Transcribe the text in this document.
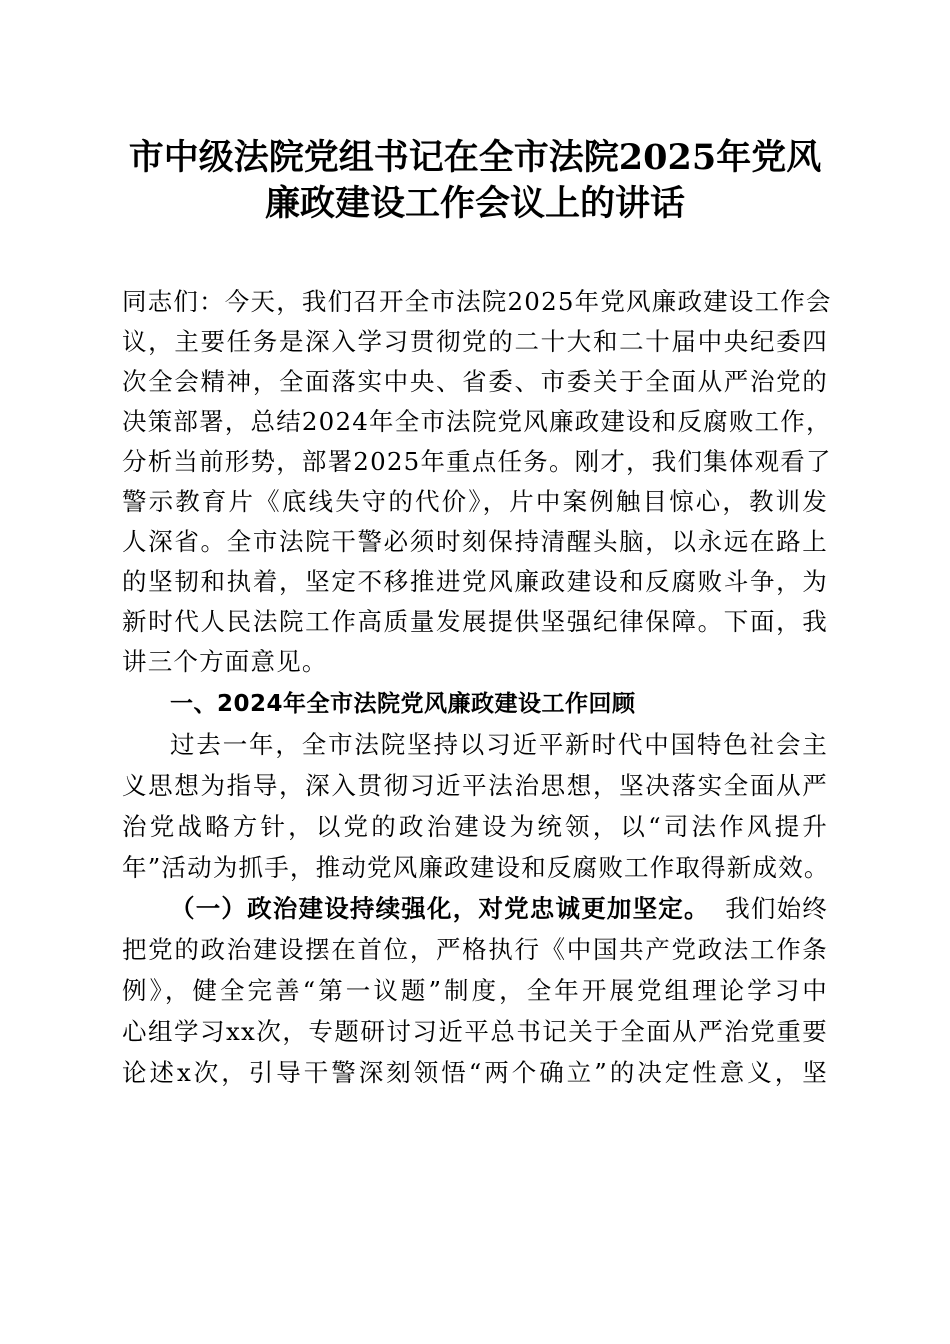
市中级法院党组书记在全市法院2025年党风
廉政建设工作会议上的讲话
同志们：今天，我们召开全市法院2025年党风廉政建设工作会
议，主要任务是深入学习贯彻党的二十大和二十届中央纪委四
次全会精神，全面落实中央、省委、市委关于全面从严治党的
决策部署，总结2024年全市法院党风廉政建设和反腐败工作，
分析当前形势，部署2025年重点任务。刚才，我们集体观看了
警示教育片《底线失守的代价》，片中案例触目惊心，教训发
人深省。全市法院干警必须时刻保持清醒头脑，以永远在路上
的坚韧和执着，坚定不移推进党风廉政建设和反腐败斗争，为
新时代人民法院工作高质量发展提供坚强纪律保障。下面，我
讲三个方面意见。
一、2024年全市法院党风廉政建设工作回顾
过去一年，全市法院坚持以习近平新时代中国特色社会主
义思想为指导，深入贯彻习近平法治思想，坚决落实全面从严
治党战略方针，以党的政治建设为统领，以“司法作风提升
年”活动为抓手，推动党风廉政建设和反腐败工作取得新成效。
（一）政治建设持续强化，对党忠诚更加坚定。 我们始终
把党的政治建设摆在首位，严格执行《中国共产党政法工作条
例》，健全完善“第一议题”制度，全年开展党组理论学习中
心组学习xx次，专题研讨习近平总书记关于全面从严治党重要
论述x次，引导干警深刻领悟“两个确立”的决定性意义，坚
